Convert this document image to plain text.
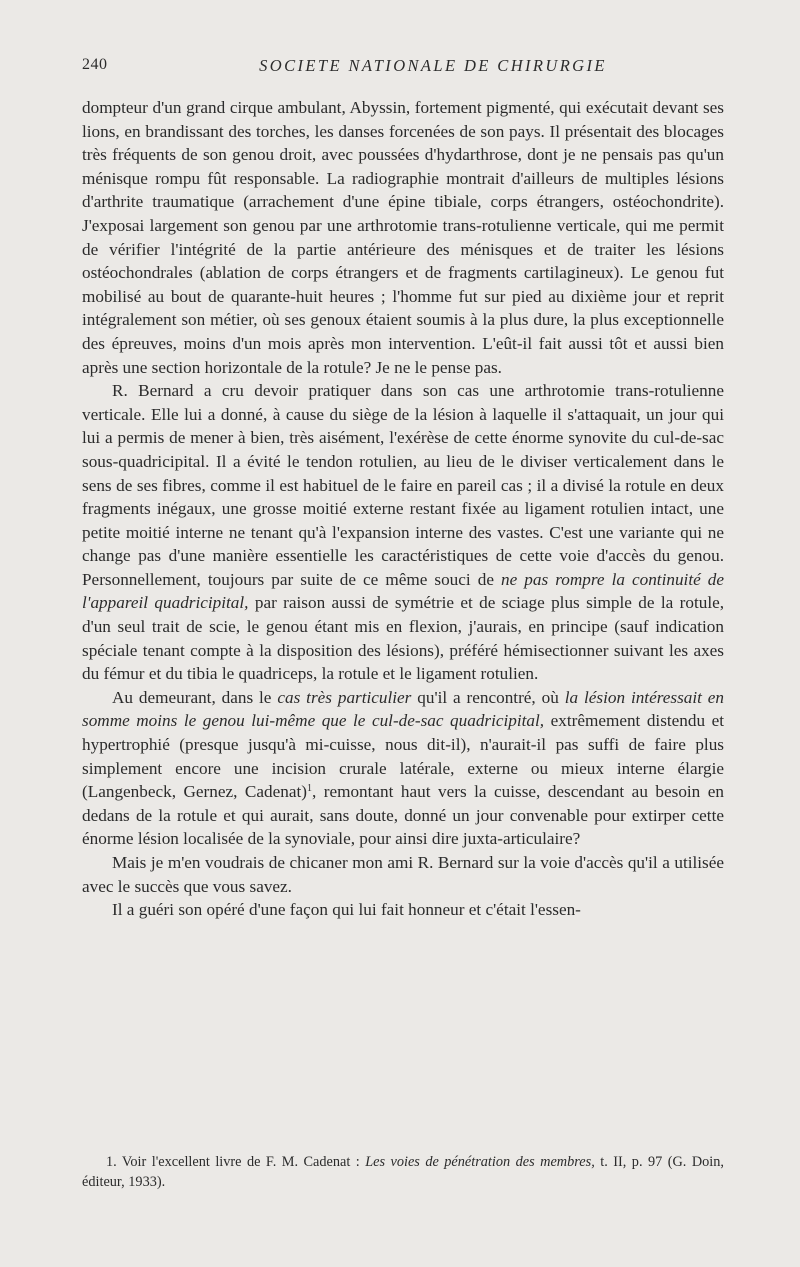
240	SOCIETE NATIONALE DE CHIRURGIE

dompteur d'un grand cirque ambulant, Abyssin, fortement pigmenté, qui exécutait devant ses lions, en brandissant des torches, les danses forcenées de son pays. Il présentait des blocages très fréquents de son genou droit, avec poussées d'hydarthrose, dont je ne pensais pas qu'un ménisque rompu fût responsable. La radiographie montrait d'ailleurs de multiples lésions d'arthrite traumatique (arrachement d'une épine tibiale, corps étrangers, ostéochondrite). J'exposai largement son genou par une arthrotomie trans-rotulienne verticale, qui me permit de vérifier l'intégrité de la partie antérieure des ménisques et de traiter les lésions ostéochondrales (ablation de corps étrangers et de fragments cartilagineux). Le genou fut mobilisé au bout de quarante-huit heures ; l'homme fut sur pied au dixième jour et reprit intégralement son métier, où ses genoux étaient soumis à la plus dure, la plus exceptionnelle des épreuves, moins d'un mois après mon intervention. L'eût-il fait aussi tôt et aussi bien après une section horizontale de la rotule? Je ne le pense pas.

R. Bernard a cru devoir pratiquer dans son cas une arthrotomie trans-rotulienne verticale. Elle lui a donné, à cause du siège de la lésion à laquelle il s'attaquait, un jour qui lui a permis de mener à bien, très aisément, l'exérèse de cette énorme synovite du cul-de-sac sous-quadricipital. Il a évité le tendon rotulien, au lieu de le diviser verticalement dans le sens de ses fibres, comme il est habituel de le faire en pareil cas ; il a divisé la rotule en deux fragments inégaux, une grosse moitié externe restant fixée au ligament rotulien intact, une petite moitié interne ne tenant qu'à l'expansion interne des vastes. C'est une variante qui ne change pas d'une manière essentielle les caractéristiques de cette voie d'accès du genou. Personnellement, toujours par suite de ce même souci de ne pas rompre la continuité de l'appareil quadricipital, par raison aussi de symétrie et de sciage plus simple de la rotule, d'un seul trait de scie, le genou étant mis en flexion, j'aurais, en principe (sauf indication spéciale tenant compte à la disposition des lésions), préféré hémisectionner suivant les axes du fémur et du tibia le quadriceps, la rotule et le ligament rotulien.

Au demeurant, dans le cas très particulier qu'il a rencontré, où la lésion intéressait en somme moins le genou lui-même que le cul-de-sac quadricipital, extrêmement distendu et hypertrophié (presque jusqu'à mi-cuisse, nous dit-il), n'aurait-il pas suffi de faire plus simplement encore une incision crurale latérale, externe ou mieux interne élargie (Langenbeck, Gernez, Cadenat)$^1$, remontant haut vers la cuisse, descendant au besoin en dedans de la rotule et qui aurait, sans doute, donné un jour convenable pour extirper cette énorme lésion localisée de la synoviale, pour ainsi dire juxta-articulaire?

Mais je m'en voudrais de chicaner mon ami R. Bernard sur la voie d'accès qu'il a utilisée avec le succès que vous savez.

Il a guéri son opéré d'une façon qui lui fait honneur et c'était l'essen-

1. Voir l'excellent livre de F. M. Cadenat : Les voies de pénétration des membres, t. II, p. 97 (G. Doin, éditeur, 1933).
